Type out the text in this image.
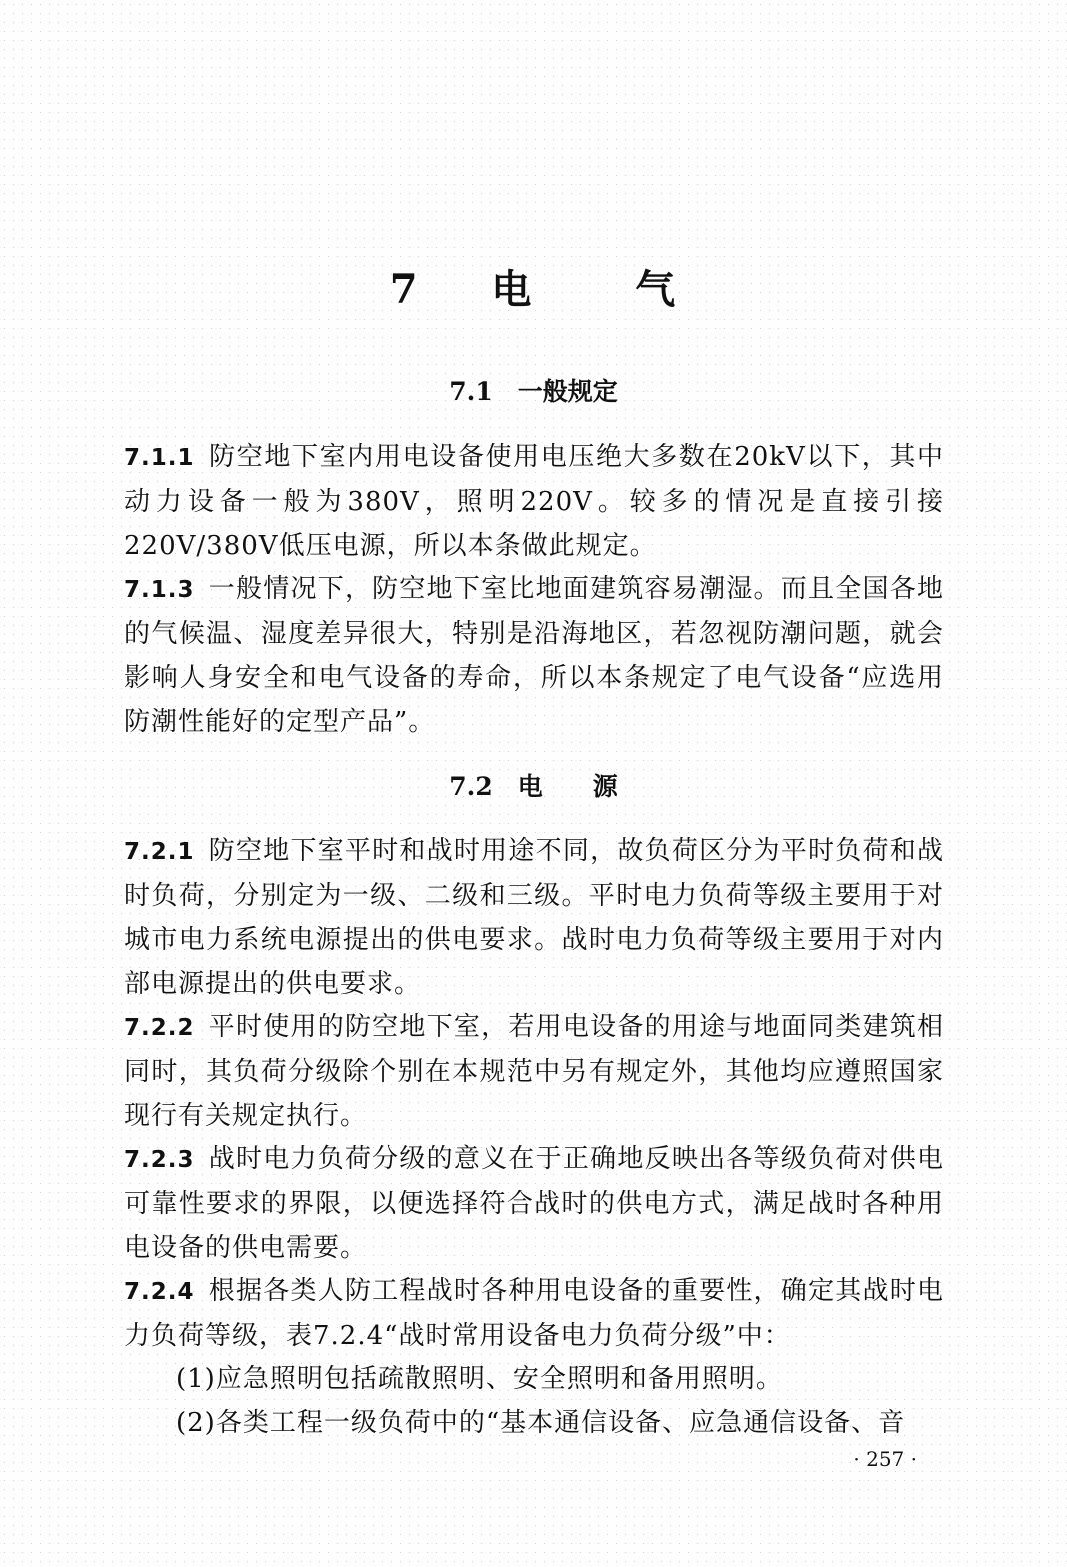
7 电	气
7.1　一般规定
7.1.1 防空地下室内用电设备使用电压绝大多数在20kV以下，其中动力设备一般为380V，照明220V。较多的情况是直接引接220V/380V低压电源，所以本条做此规定。
7.1.3 一般情况下，防空地下室比地面建筑容易潮湿。而且全国各地的气候温、湿度差异很大，特别是沿海地区，若忽视防潮问题，就会影响人身安全和电气设备的寿命，所以本条规定了电气设备“应选用防潮性能好的定型产品”。
7.2　电　　源
7.2.1 防空地下室平时和战时用途不同，故负荷区分为平时负荷和战时负荷，分别定为一级、二级和三级。平时电力负荷等级主要用于对城市电力系统电源提出的供电要求。战时电力负荷等级主要用于对内部电源提出的供电要求。
7.2.2 平时使用的防空地下室，若用电设备的用途与地面同类建筑相同时，其负荷分级除个别在本规范中另有规定外，其他均应遵照国家现行有关规定执行。
7.2.3 战时电力负荷分级的意义在于正确地反映出各等级负荷对供电可靠性要求的界限，以便选择符合战时的供电方式，满足战时各种用电设备的供电需要。
7.2.4 根据各类人防工程战时各种用电设备的重要性，确定其战时电力负荷等级，表7.2.4“战时常用设备电力负荷分级”中：
(1)应急照明包括疏散照明、安全照明和备用照明。
(2)各类工程一级负荷中的“基本通信设备、应急通信设备、音
· 257 ·
